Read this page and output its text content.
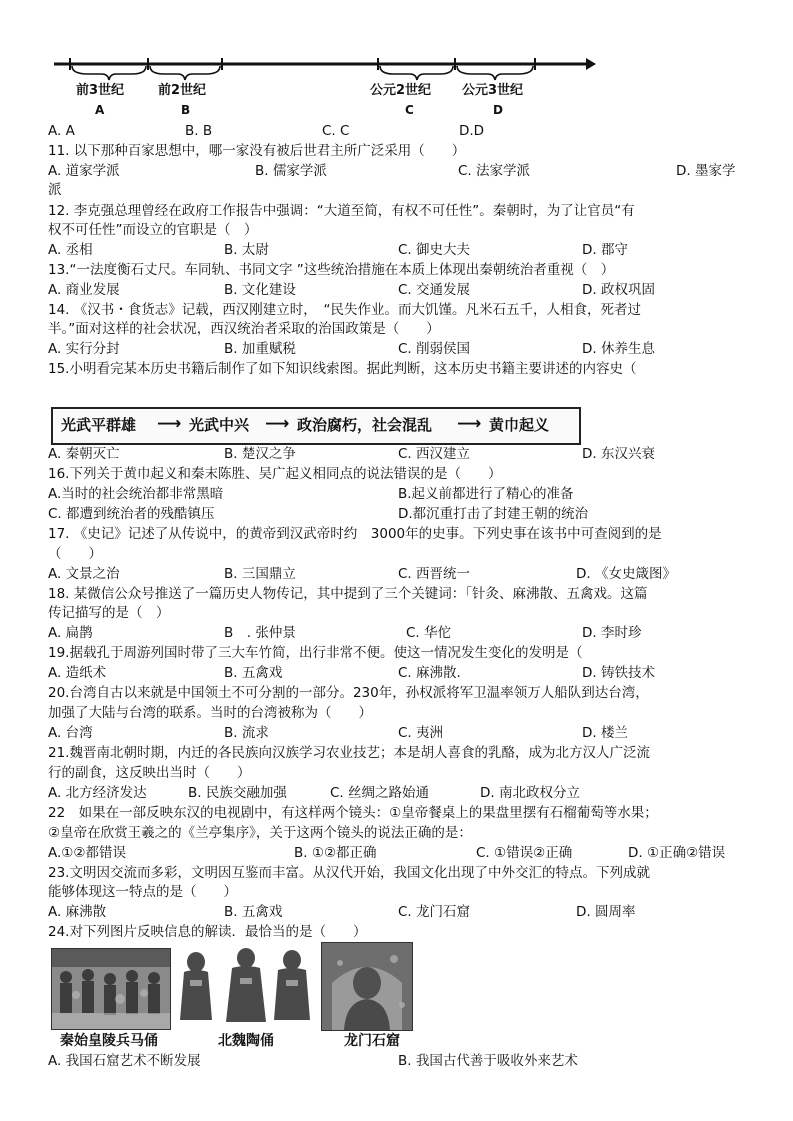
前3世纪
A
前2世纪
B
公元2世纪
C
公元3世纪
D
A. A	B. B	C. C	D.D
11. 以下那种百家思想中，哪一家没有被后世君主所广泛采用（　　）
A. 道家学派	B. 儒家学派	C. 法家学派	D. 墨家学
派
12. 李克强总理曾经在政府工作报告中强调：“大道至简，有权不可任性”。秦朝时，为了让官员“有
权不可任性”而设立的官职是（　）
A. 丞相	B. 太尉	C. 御史大夫	D. 郡守
13.“一法度衡石丈尺。车同轨、书同文字 ”这些统治措施在本质上体现出秦朝统治者重视（　）
A. 商业发展	B. 文化建设	C. 交通发展	D. 政权巩固
14. 《汉书・食货志》记载，西汉刚建立时，　“民失作业。而大饥馑。凡米石五千，人相食，死者过
半。”面对这样的社会状况，西汉统治者采取的治国政策是（　　）
A. 实行分封	B. 加重赋税	C. 削弱侯国	D. 休养生息
15.小明看完某本历史书籍后制作了如下知识线索图。据此判断，这本历史书籍主要讲述的内容史（
光武平群雄 ⟶ 光武中兴 ⟶ 政治腐朽，社会混乱 ⟶ 黄巾起义
A. 秦朝灭亡	B. 楚汉之争	C. 西汉建立	D. 东汉兴衰
16.下列关于黄巾起义和秦末陈胜、吴广起义相同点的说法错误的是（　　）
A.当时的社会统治都非常黑暗	B.起义前都进行了精心的准备
C. 都遭到统治者的残酷镇压	D.都沉重打击了封建王朝的统治
17. 《史记》记述了从传说中，的黄帝到汉武帝时约　3000年的史事。下列史事在该书中可查阅到的是
（　　）
A. 文景之治	B. 三国鼎立	C. 西晋统一	D. 《女史箴图》
18. 某微信公众号推送了一篇历史人物传记，其中提到了三个关键词：「针灸、麻沸散、五禽戏。这篇
传记描写的是（　）
A. 扁鹊	B　. 张仲景	C. 华佗	D. 李时珍
19.据载孔于周游列国时带了三大车竹简，出行非常不便。使这一情况发生变化的发明是（
A. 造纸术	B. 五禽戏	C. 麻沸散.	D. 铸铁技术
20.台湾自古以来就是中国领土不可分割的一部分。230年，孙权派将军卫温率领万人船队到达台湾，
加强了大陆与台湾的联系。当时的台湾被称为（　　）
A. 台湾	B. 流求	C. 夷洲	D. 楼兰
21.魏晋南北朝时期，内迁的各民族向汉族学习农业技艺；本是胡人喜食的乳酪，成为北方汉人广泛流
行的副食，这反映出当时（　　）
A. 北方经济发达	B. 民族交融加强	C. 丝绸之路始通	D. 南北政权分立
22　如果在一部反映东汉的电视剧中，有这样两个镜头：①皇帝餐桌上的果盘里摆有石榴葡萄等水果；
②皇帝在欣赏王羲之的《兰亭集序》，关于这两个镜头的说法正确的是：
A.①②都错误	B. ①②都正确	C. ①错误②正确	D. ①正确②错误
23.文明因交流而多彩，文明因互鉴而丰富。从汉代开始，我国文化出现了中外交汇的特点。下列成就
能够体现这一特点的是（　　）
A. 麻沸散	B. 五禽戏	C. 龙门石窟	D. 圆周率
24.对下列图片反映信息的解读．最恰当的是（　　）
秦始皇陵兵马俑	北魏陶俑	龙门石窟
A. 我国石窟艺术不断发展	B. 我国古代善于吸收外来艺术
